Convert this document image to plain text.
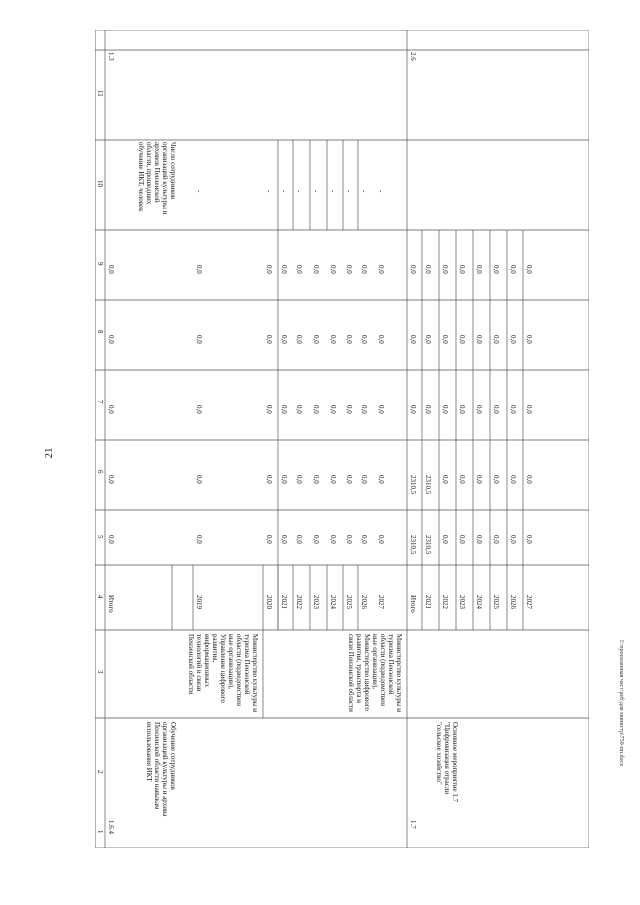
21
1
2
3
4
5
6
7
8
9
10
11
1.6.4
Обучение сотрудников организаций культуры и архива Пензенской области навыкам использования ИКТ
Министерство культуры и туризма Пензенской области (подведомствен ные организации), Управление цифрового развития, информационных технологий и связи Пензенской области	Министерство культуры и туризма Пензенской области (подведомствен ные организации), Министерство цифрового развития, транспорта и связи Пензенской области
Число сотрудников организаций культуры и архивов Пензенской области, прошедших обучение ИКТ, человек
1.3
Итого
0,0
0,0
0,0
0,0
0,0
2019
0,0
0,0
0,0
0,0
0,0
-
2020
0,0
0,0
0,0
0,0
0,0
-
2021
0,0
0,0
0,0
0,0
0,0
-
2022
0,0
0,0
0,0
0,0
0,0
-
2023
0,0
0,0
0,0
0,0
0,0
-
2024
0,0
0,0
0,0
0,0
0,0
-
2025
0,0
0,0
0,0
0,0
0,0
-
2026
0,0
0,0
0,0
0,0
0,0
-
2027
0,0
0,0
0,0
0,0
0,0
-
1.7
Основное мероприятие 1.7 "Цифровизация отрасли "сельское хозяйство"
2.6
Итого
2310,5
2310,5
0,0
0,0
0,0
2021
2310,5
2310,5
0,0
0,0
0,0
2022
0,0
0,0
0,0
0,0
0,0
2023
0,0
0,0
0,0
0,0
0,0
2024
0,0
0,0
0,0
0,0
0,0
2025
0,0
0,0
0,0
0,0
0,0
2026
0,0
0,0
0,0
0,0
0,0
2027
0,0
0,0
0,0
0,0
0,0
I:\проекоапная част\реб\для министр\750-пп.docx
